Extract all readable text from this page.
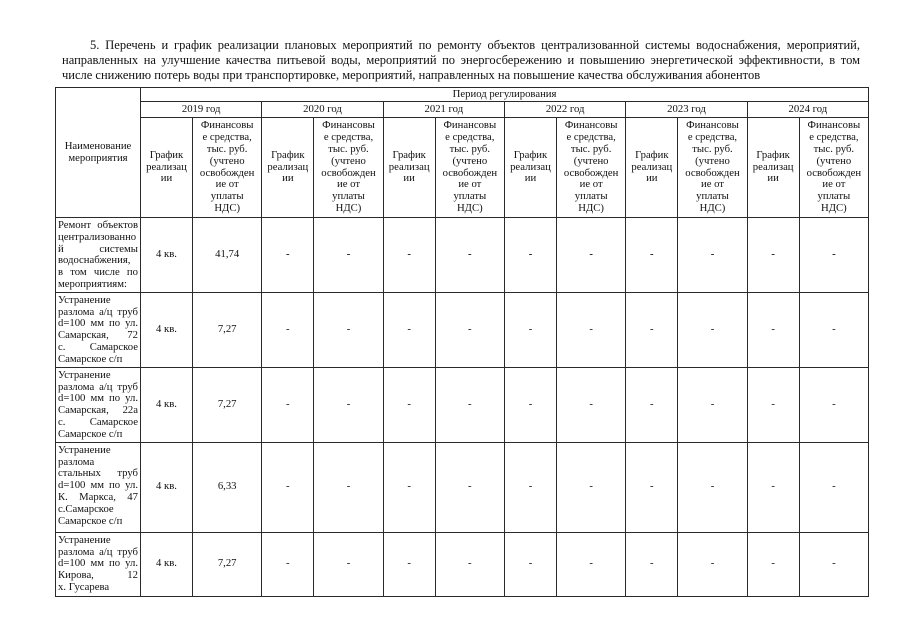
5. Перечень и график реализации плановых мероприятий по ремонту объектов централизованной системы водоснабжения, мероприятий,
направленных на улучшение качества питьевой воды, мероприятий по энергосбережению и повышению энергетической эффективности, в том
числе снижению потерь воды при транспортировке, мероприятий, направленных на повышение качества обслуживания абонентов
Наименование мероприятия	Период регулирования											
	2019 год		2020 год		2021 год		2022 год		2023 год		2024 год	
	График реализации	Финансовые средства, тыс. руб. (учтено освобождение от уплаты НДС)	График реализации	Финансовые средства, тыс. руб. (учтено освобождение от уплаты НДС)	График реализации	Финансовые средства, тыс. руб. (учтено освобождение от уплаты НДС)	График реализации	Финансовые средства, тыс. руб. (учтено освобождение от уплаты НДС)	График реализации	Финансовые средства, тыс. руб. (учтено освобождение от уплаты НДС)	График реализации	Финансовые средства, тыс. руб. (учтено освобождение от уплаты НДС)
Ремонт объектов централизованной системы водоснабжения, в том числе по мероприятиям:	4 кв.	41,74	-	-	-	-	-	-	-	-	-	-
Устранение разлома а/ц труб d=100 мм по ул. Самарская, 72 с. Самарское Самарское с/п	4 кв.	7,27	-	-	-	-	-	-	-	-	-	-
Устранение разлома а/ц труб d=100 мм по ул. Самарская, 22а с. Самарское Самарское с/п	4 кв.	7,27	-	-	-	-	-	-	-	-	-	-
Устранение разлома стальных труб d=100 мм по ул. К. Маркса, 47 с.Самарское Самарское с/п	4 кв.	6,33	-	-	-	-	-	-	-	-	-	-
Устранение разлома а/ц труб d=100 мм по ул. Кирова, 12 х. Гусарева	4 кв.	7,27	-	-	-	-	-	-	-	-	-	-
